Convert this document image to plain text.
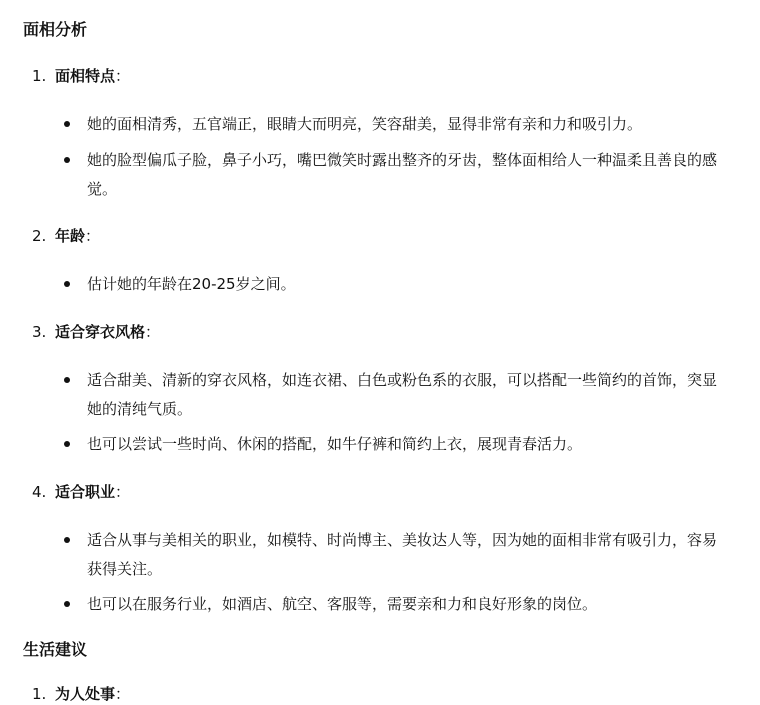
面相分析
1. 面相特点：
她的面相清秀，五官端正，眼睛大而明亮，笑容甜美，显得非常有亲和力和吸引力。
她的脸型偏瓜子脸，鼻子小巧，嘴巴微笑时露出整齐的牙齿，整体面相给人一种温柔且善良的感觉。
2. 年龄：
估计她的年龄在20-25岁之间。
3. 适合穿衣风格：
适合甜美、清新的穿衣风格，如连衣裙、白色或粉色系的衣服，可以搭配一些简约的首饰，突显她的清纯气质。
也可以尝试一些时尚、休闲的搭配，如牛仔裤和简约上衣，展现青春活力。
4. 适合职业：
适合从事与美相关的职业，如模特、时尚博主、美妆达人等，因为她的面相非常有吸引力，容易获得关注。
也可以在服务行业，如酒店、航空、客服等，需要亲和力和良好形象的岗位。
生活建议
1. 为人处事：
